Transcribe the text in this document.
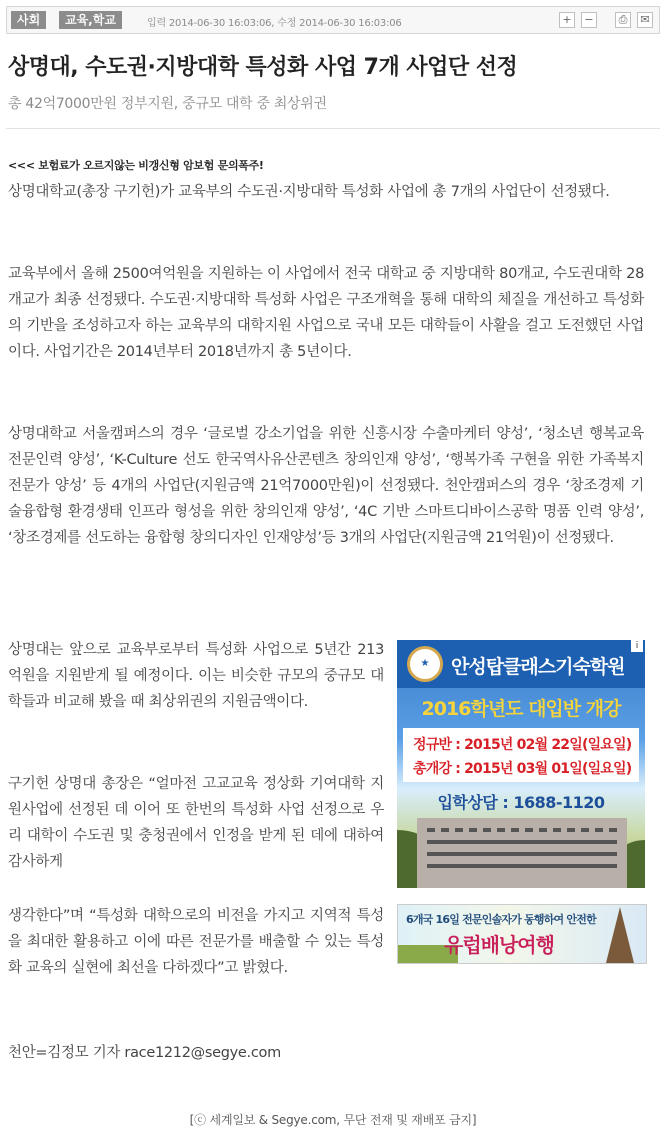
사회	교육,학교	입력 2014-06-30 16:03:06, 수정 2014-06-30 16:03:06	+	−	⎙	✉
상명대, 수도권·지방대학 특성화 사업 7개 사업단 선정
총 42억7000만원 정부지원, 중규모 대학 중 최상위권
<<< 보험료가 오르지않는 비갱신형 암보험 문의폭주!
상명대학교(총장 구기헌)가 교육부의 수도권·지방대학 특성화 사업에 총 7개의 사업단이 선정됐다.
교육부에서 올해 2500여억원을 지원하는 이 사업에서 전국 대학교 중 지방대학 80개교, 수도권대학 28개교가 최종 선정됐다. 수도권·지방대학 특성화 사업은 구조개혁을 통해 대학의 체질을 개선하고 특성화의 기반을 조성하고자 하는 교육부의 대학지원 사업으로 국내 모든 대학들이 사활을 걸고 도전했던 사업이다. 사업기간은 2014년부터 2018년까지 총 5년이다.
상명대학교 서울캠퍼스의 경우 ‘글로벌 강소기업을 위한 신흥시장 수출마케터 양성’, ‘청소년 행복교육 전문인력 양성’, ‘K-Culture 선도 한국역사유산콘텐츠 창의인재 양성’, ‘행복가족 구현을 위한 가족복지전문가 양성’ 등 4개의 사업단(지원금액 21억7000만원)이 선정됐다. 천안캠퍼스의 경우 ‘창조경제 기술융합형 환경생태 인프라 형성을 위한 창의인재 양성’, ‘4C 기반 스마트디바이스공학 명품 인력 양성’, ‘창조경제를 선도하는 융합형 창의디자인 인재양성’등 3개의 사업단(지원금액 21억원)이 선정됐다.
상명대는 앞으로 교육부로부터 특성화 사업으로 5년간 213억원을 지원받게 될 예정이다. 이는 비슷한 규모의 중규모 대학들과 비교해 봤을 때 최상위권의 지원금액이다.
구기헌 상명대 총장은 “얼마전 고교교육 정상화 기여대학 지원사업에 선정된 데 이어 또 한번의 특성화 사업 선정으로 우리 대학이 수도권 및 충청권에서 인정을 받게 된 데에 대하여 감사하게
생각한다”며 “특성화 대학으로의 비전을 가지고 지역적 특성을 최대한 활용하고 이에 따른 전문가를 배출할 수 있는 특성화 교육의 실현에 최선을 다하겠다”고 밝혔다.
★	안성탑클래스기숙학원
i
2016학년도 대입반 개강
정규반 : 2015년 02월 22일(일요일)
총개강 : 2015년 03월 01일(일요일)
입학상담 : 1688-1120
6개국 16일 전문인솔자가 동행하여 안전한
유럽배낭여행
천안=김정모 기자 race1212@segye.com
[ⓒ 세계일보 & Segye.com, 무단 전재 및 재배포 금지]
